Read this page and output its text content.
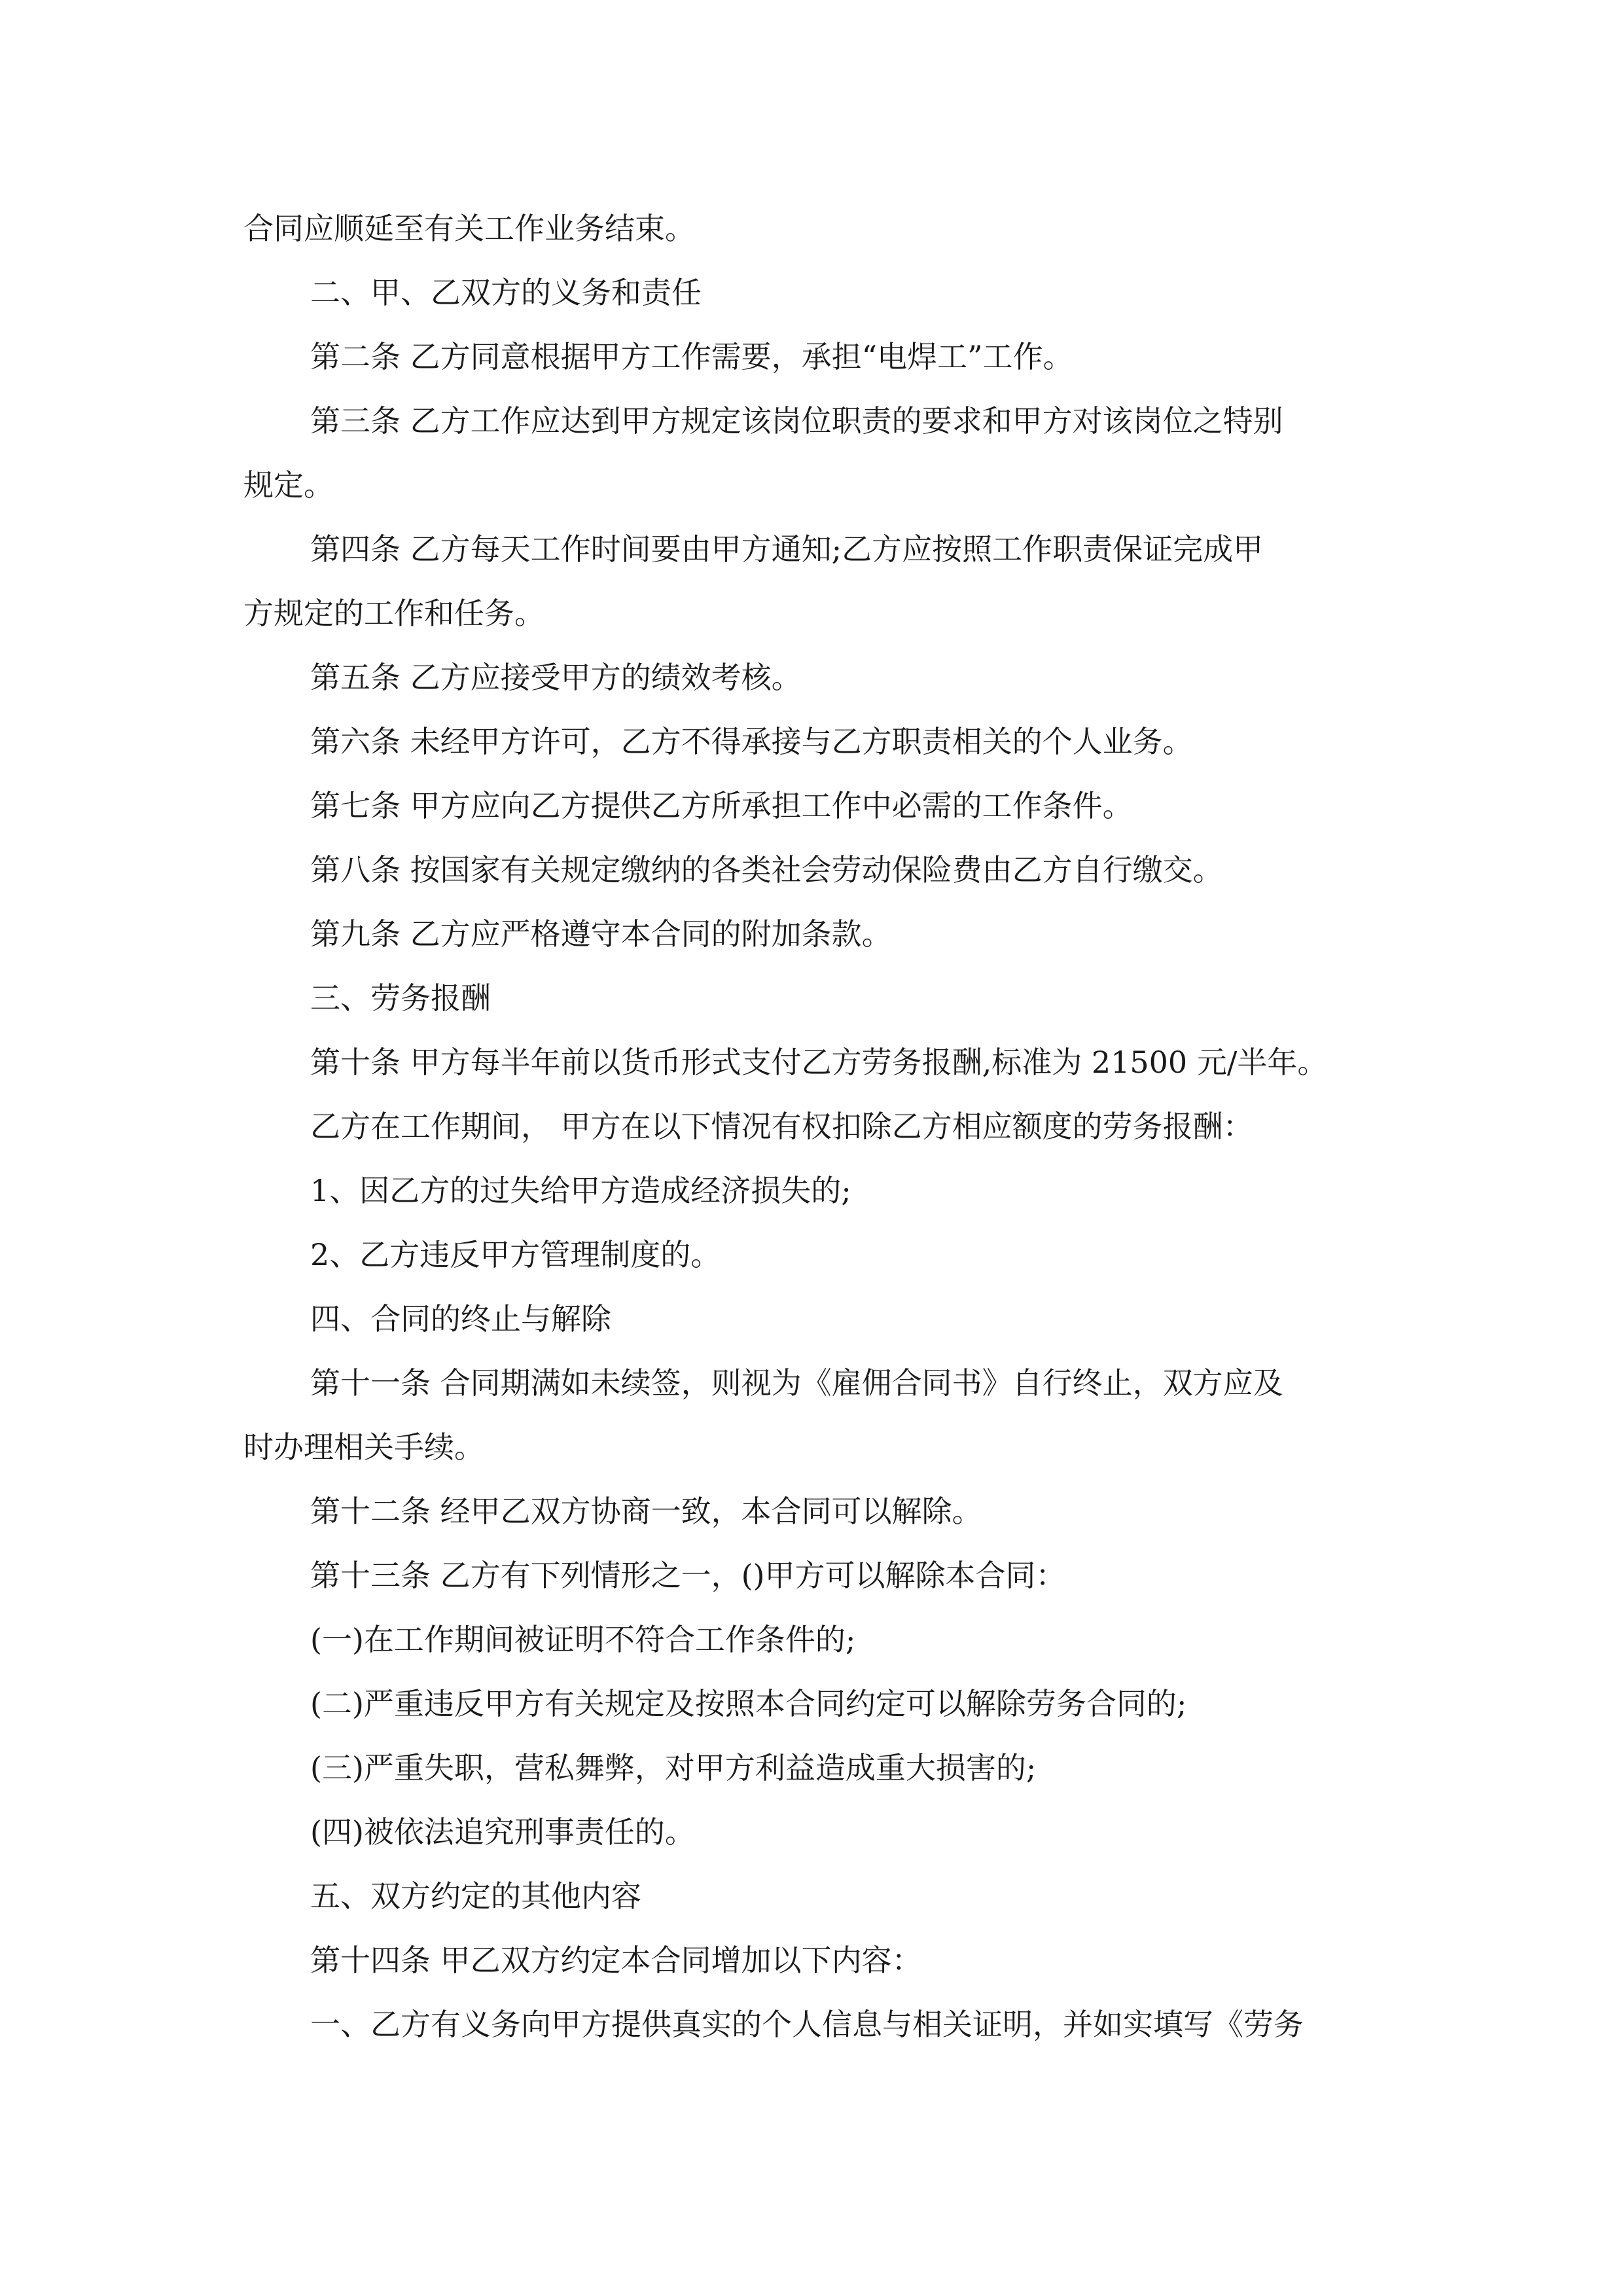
合同应顺延至有关工作业务结束。

二、甲、乙双方的义务和责任

第二条 乙方同意根据甲方工作需要，承担“电焊工”工作。

第三条 乙方工作应达到甲方规定该岗位职责的要求和甲方对该岗位之特别

规定。

第四条 乙方每天工作时间要由甲方通知;乙方应按照工作职责保证完成甲

方规定的工作和任务。

第五条 乙方应接受甲方的绩效考核。

第六条 未经甲方许可，乙方不得承接与乙方职责相关的个人业务。

第七条 甲方应向乙方提供乙方所承担工作中必需的工作条件。

第八条 按国家有关规定缴纳的各类社会劳动保险费由乙方自行缴交。

第九条 乙方应严格遵守本合同的附加条款。

三、劳务报酬

第十条 甲方每半年前以货币形式支付乙方劳务报酬,标准为 21500 元/半年。

乙方在工作期间， 甲方在以下情况有权扣除乙方相应额度的劳务报酬：

1、因乙方的过失给甲方造成经济损失的;

2、乙方违反甲方管理制度的。

四、合同的终止与解除

第十一条 合同期满如未续签，则视为《雇佣合同书》自行终止，双方应及

时办理相关手续。

第十二条 经甲乙双方协商一致，本合同可以解除。

第十三条 乙方有下列情形之一，()甲方可以解除本合同：

(一)在工作期间被证明不符合工作条件的;

(二)严重违反甲方有关规定及按照本合同约定可以解除劳务合同的;

(三)严重失职，营私舞弊，对甲方利益造成重大损害的;

(四)被依法追究刑事责任的。

五、双方约定的其他内容

第十四条 甲乙双方约定本合同增加以下内容：

一、乙方有义务向甲方提供真实的个人信息与相关证明，并如实填写《劳务
